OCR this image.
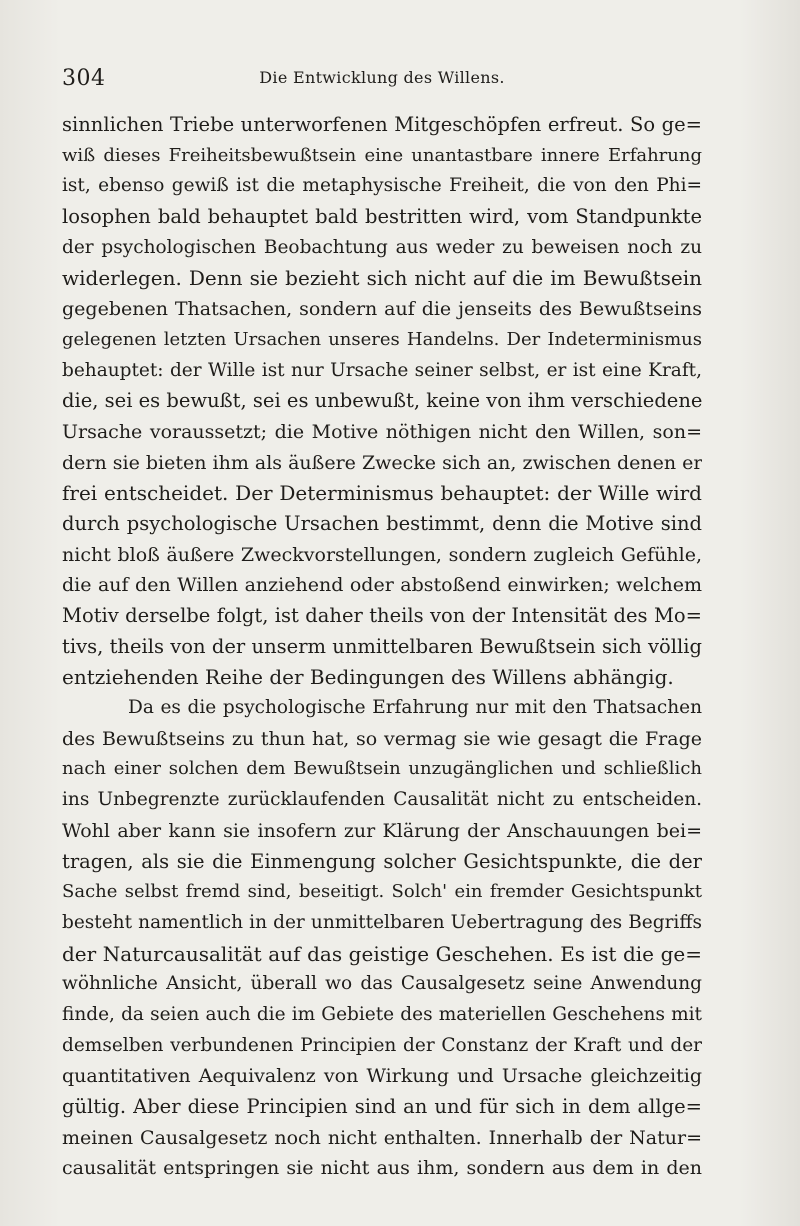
304	Die Entwicklung des Willens.
sinnlichen Triebe unterworfenen Mitgeschöpfen erfreut. So ge=
wiß dieses Freiheitsbewußtsein eine unantastbare innere Erfahrung
ist, ebenso gewiß ist die metaphysische Freiheit, die von den Phi=
losophen bald behauptet bald bestritten wird, vom Standpunkte
der psychologischen Beobachtung aus weder zu beweisen noch zu
widerlegen. Denn sie bezieht sich nicht auf die im Bewußtsein
gegebenen Thatsachen, sondern auf die jenseits des Bewußtseins
gelegenen letzten Ursachen unseres Handelns. Der Indeterminismus
behauptet: der Wille ist nur Ursache seiner selbst, er ist eine Kraft,
die, sei es bewußt, sei es unbewußt, keine von ihm verschiedene
Ursache voraussetzt; die Motive nöthigen nicht den Willen, son=
dern sie bieten ihm als äußere Zwecke sich an, zwischen denen er
frei entscheidet. Der Determinismus behauptet: der Wille wird
durch psychologische Ursachen bestimmt, denn die Motive sind
nicht bloß äußere Zweckvorstellungen, sondern zugleich Gefühle,
die auf den Willen anziehend oder abstoßend einwirken; welchem
Motiv derselbe folgt, ist daher theils von der Intensität des Mo=
tivs, theils von der unserm unmittelbaren Bewußtsein sich völlig
entziehenden Reihe der Bedingungen des Willens abhängig.
Da es die psychologische Erfahrung nur mit den Thatsachen
des Bewußtseins zu thun hat, so vermag sie wie gesagt die Frage
nach einer solchen dem Bewußtsein unzugänglichen und schließlich
ins Unbegrenzte zurücklaufenden Causalität nicht zu entscheiden.
Wohl aber kann sie insofern zur Klärung der Anschauungen bei=
tragen, als sie die Einmengung solcher Gesichtspunkte, die der
Sache selbst fremd sind, beseitigt. Solch' ein fremder Gesichtspunkt
besteht namentlich in der unmittelbaren Uebertragung des Begriffs
der Naturcausalität auf das geistige Geschehen. Es ist die ge=
wöhnliche Ansicht, überall wo das Causalgesetz seine Anwendung
finde, da seien auch die im Gebiete des materiellen Geschehens mit
demselben verbundenen Principien der Constanz der Kraft und der
quantitativen Aequivalenz von Wirkung und Ursache gleichzeitig
gültig. Aber diese Principien sind an und für sich in dem allge=
meinen Causalgesetz noch nicht enthalten. Innerhalb der Natur=
causalität entspringen sie nicht aus ihm, sondern aus dem in den
